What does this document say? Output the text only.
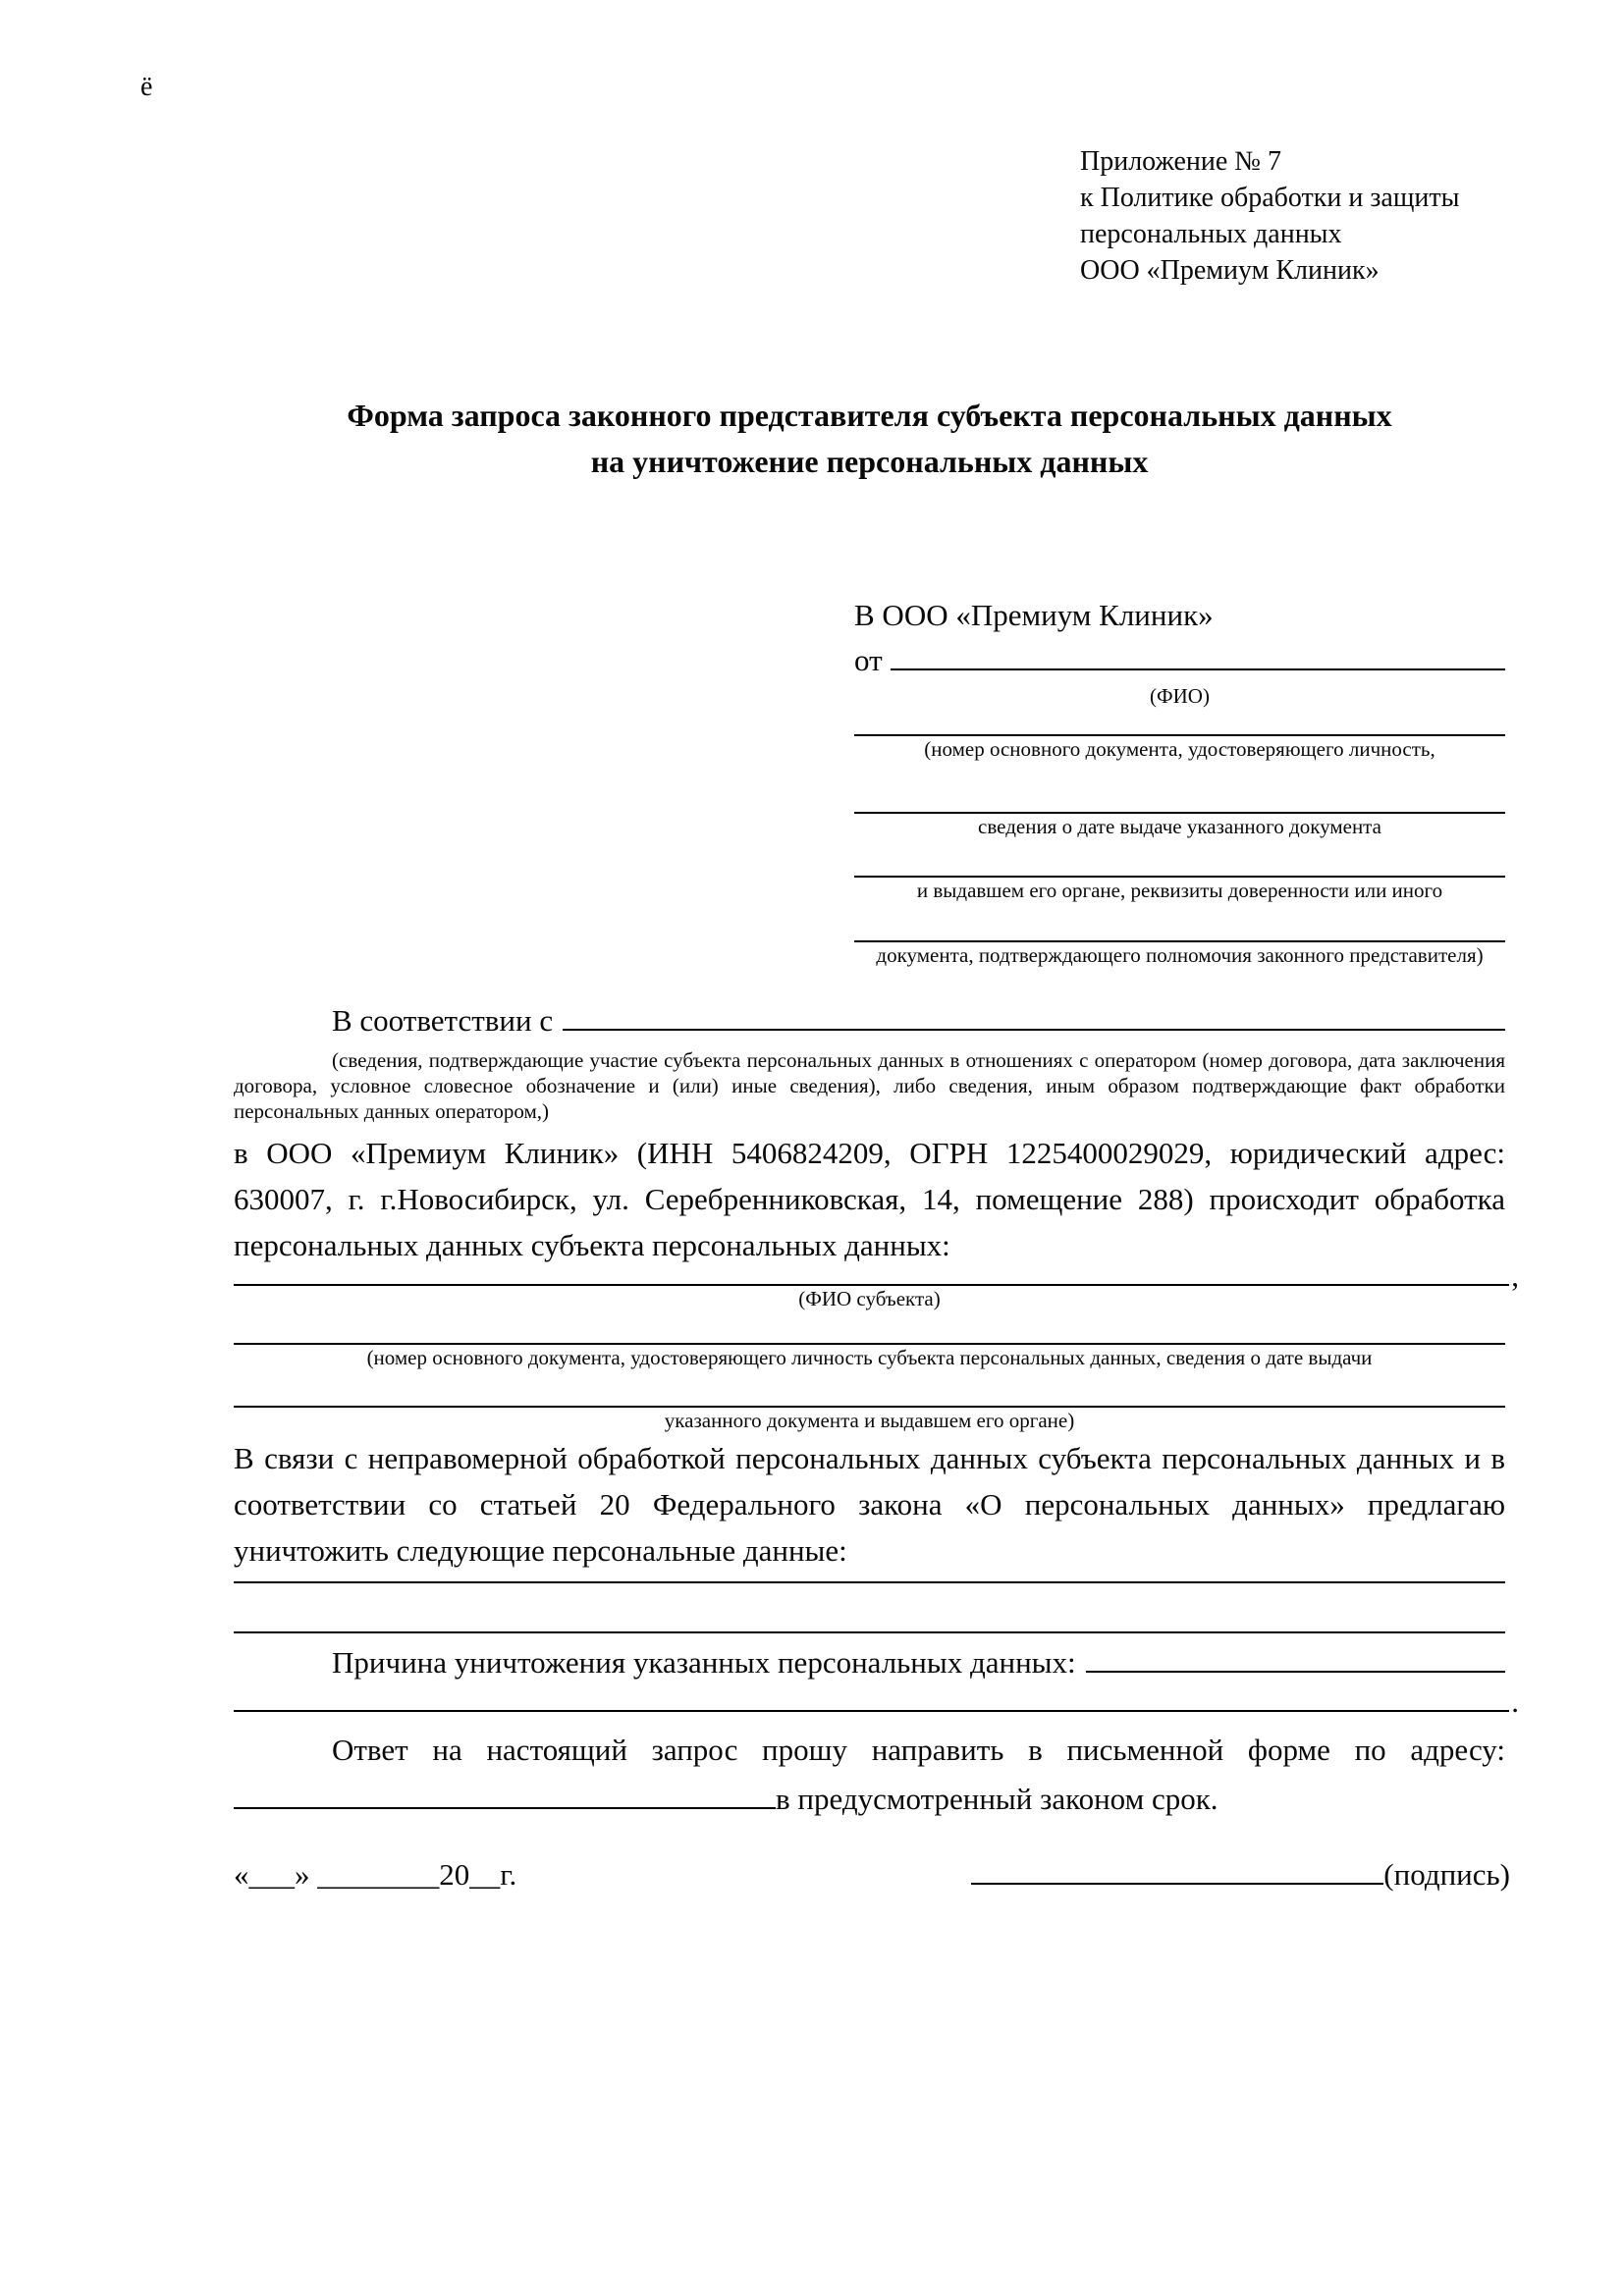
ё
Приложение № 7
к Политике обработки и защиты
персональных данных
ООО «Премиум Клиник»
Форма запроса законного представителя субъекта персональных данных
на уничтожение персональных данных
В ООО «Премиум Клиник»
от
(ФИО)
(номер основного документа, удостоверяющего личность,
сведения о дате выдаче указанного документа
и выдавшем его органе, реквизиты доверенности или иного
документа, подтверждающего полномочия законного представителя)
В соответствии с
(сведения, подтверждающие участие субъекта персональных данных в отношениях с оператором (номер договора, дата заключения договора, условное словесное обозначение и (или) иные сведения), либо сведения, иным образом подтверждающие факт обработки персональных данных оператором,)
в ООО «Премиум Клиник» (ИНН 5406824209, ОГРН 1225400029029, юридический адрес: 630007, г. г.Новосибирск, ул. Серебренниковская, 14, помещение 288) происходит обработка персональных данных субъекта персональных данных:
,
(ФИО субъекта)
(номер основного документа, удостоверяющего личность субъекта персональных данных, сведения о дате выдачи
указанного документа и выдавшем его органе)
В связи с неправомерной обработкой персональных данных субъекта персональных данных и в соответствии со статьей 20 Федерального закона «О персональных данных» предлагаю уничтожить следующие персональные данные:
Причина уничтожения указанных персональных данных:
.
Ответ на настоящий запрос прошу направить в письменной форме по адресу:
в предусмотренный законом срок.
«___» ________20__г.	(подпись)
